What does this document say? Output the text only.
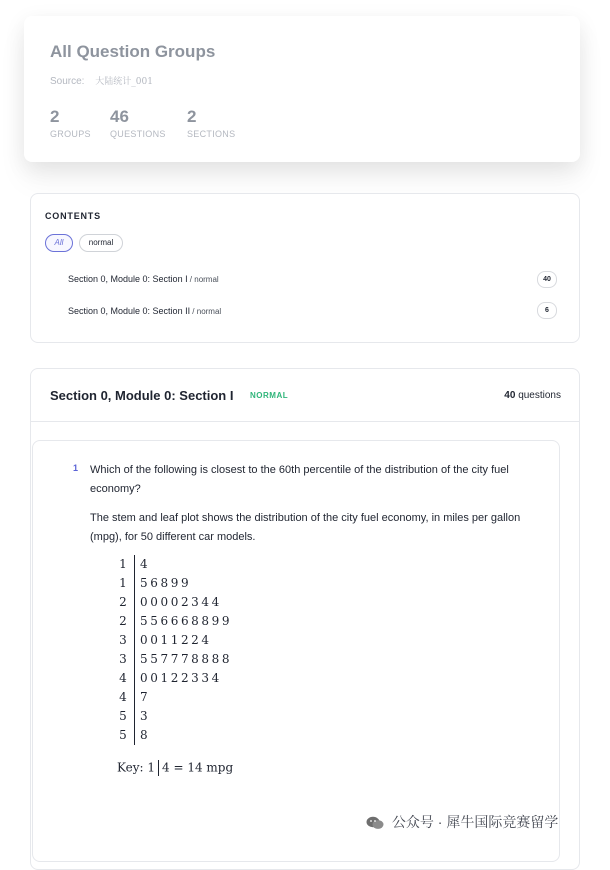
All Question Groups
Source: 大陆统计_001
2
GROUPS
46
QUESTIONS
2
SECTIONS
CONTENTS
All	normal
Section 0, Module 0: Section I / normal	40
Section 0, Module 0: Section II / normal	6
Section 0, Module 0: Section I NORMAL	40 questions
1 Which of the following is closest to the 60th percentile of the distribution of the city fuel economy?
The stem and leaf plot shows the distribution of the city fuel economy, in miles per gallon (mpg), for 50 different car models.
1 4
1 56899
2 00002344
2 556668899
3 0011224
3 557778888
4 00122334
4 7
5 3
5 8
Key: 1 4 = 14 mpg
公众号 · 犀牛国际竞赛留学
